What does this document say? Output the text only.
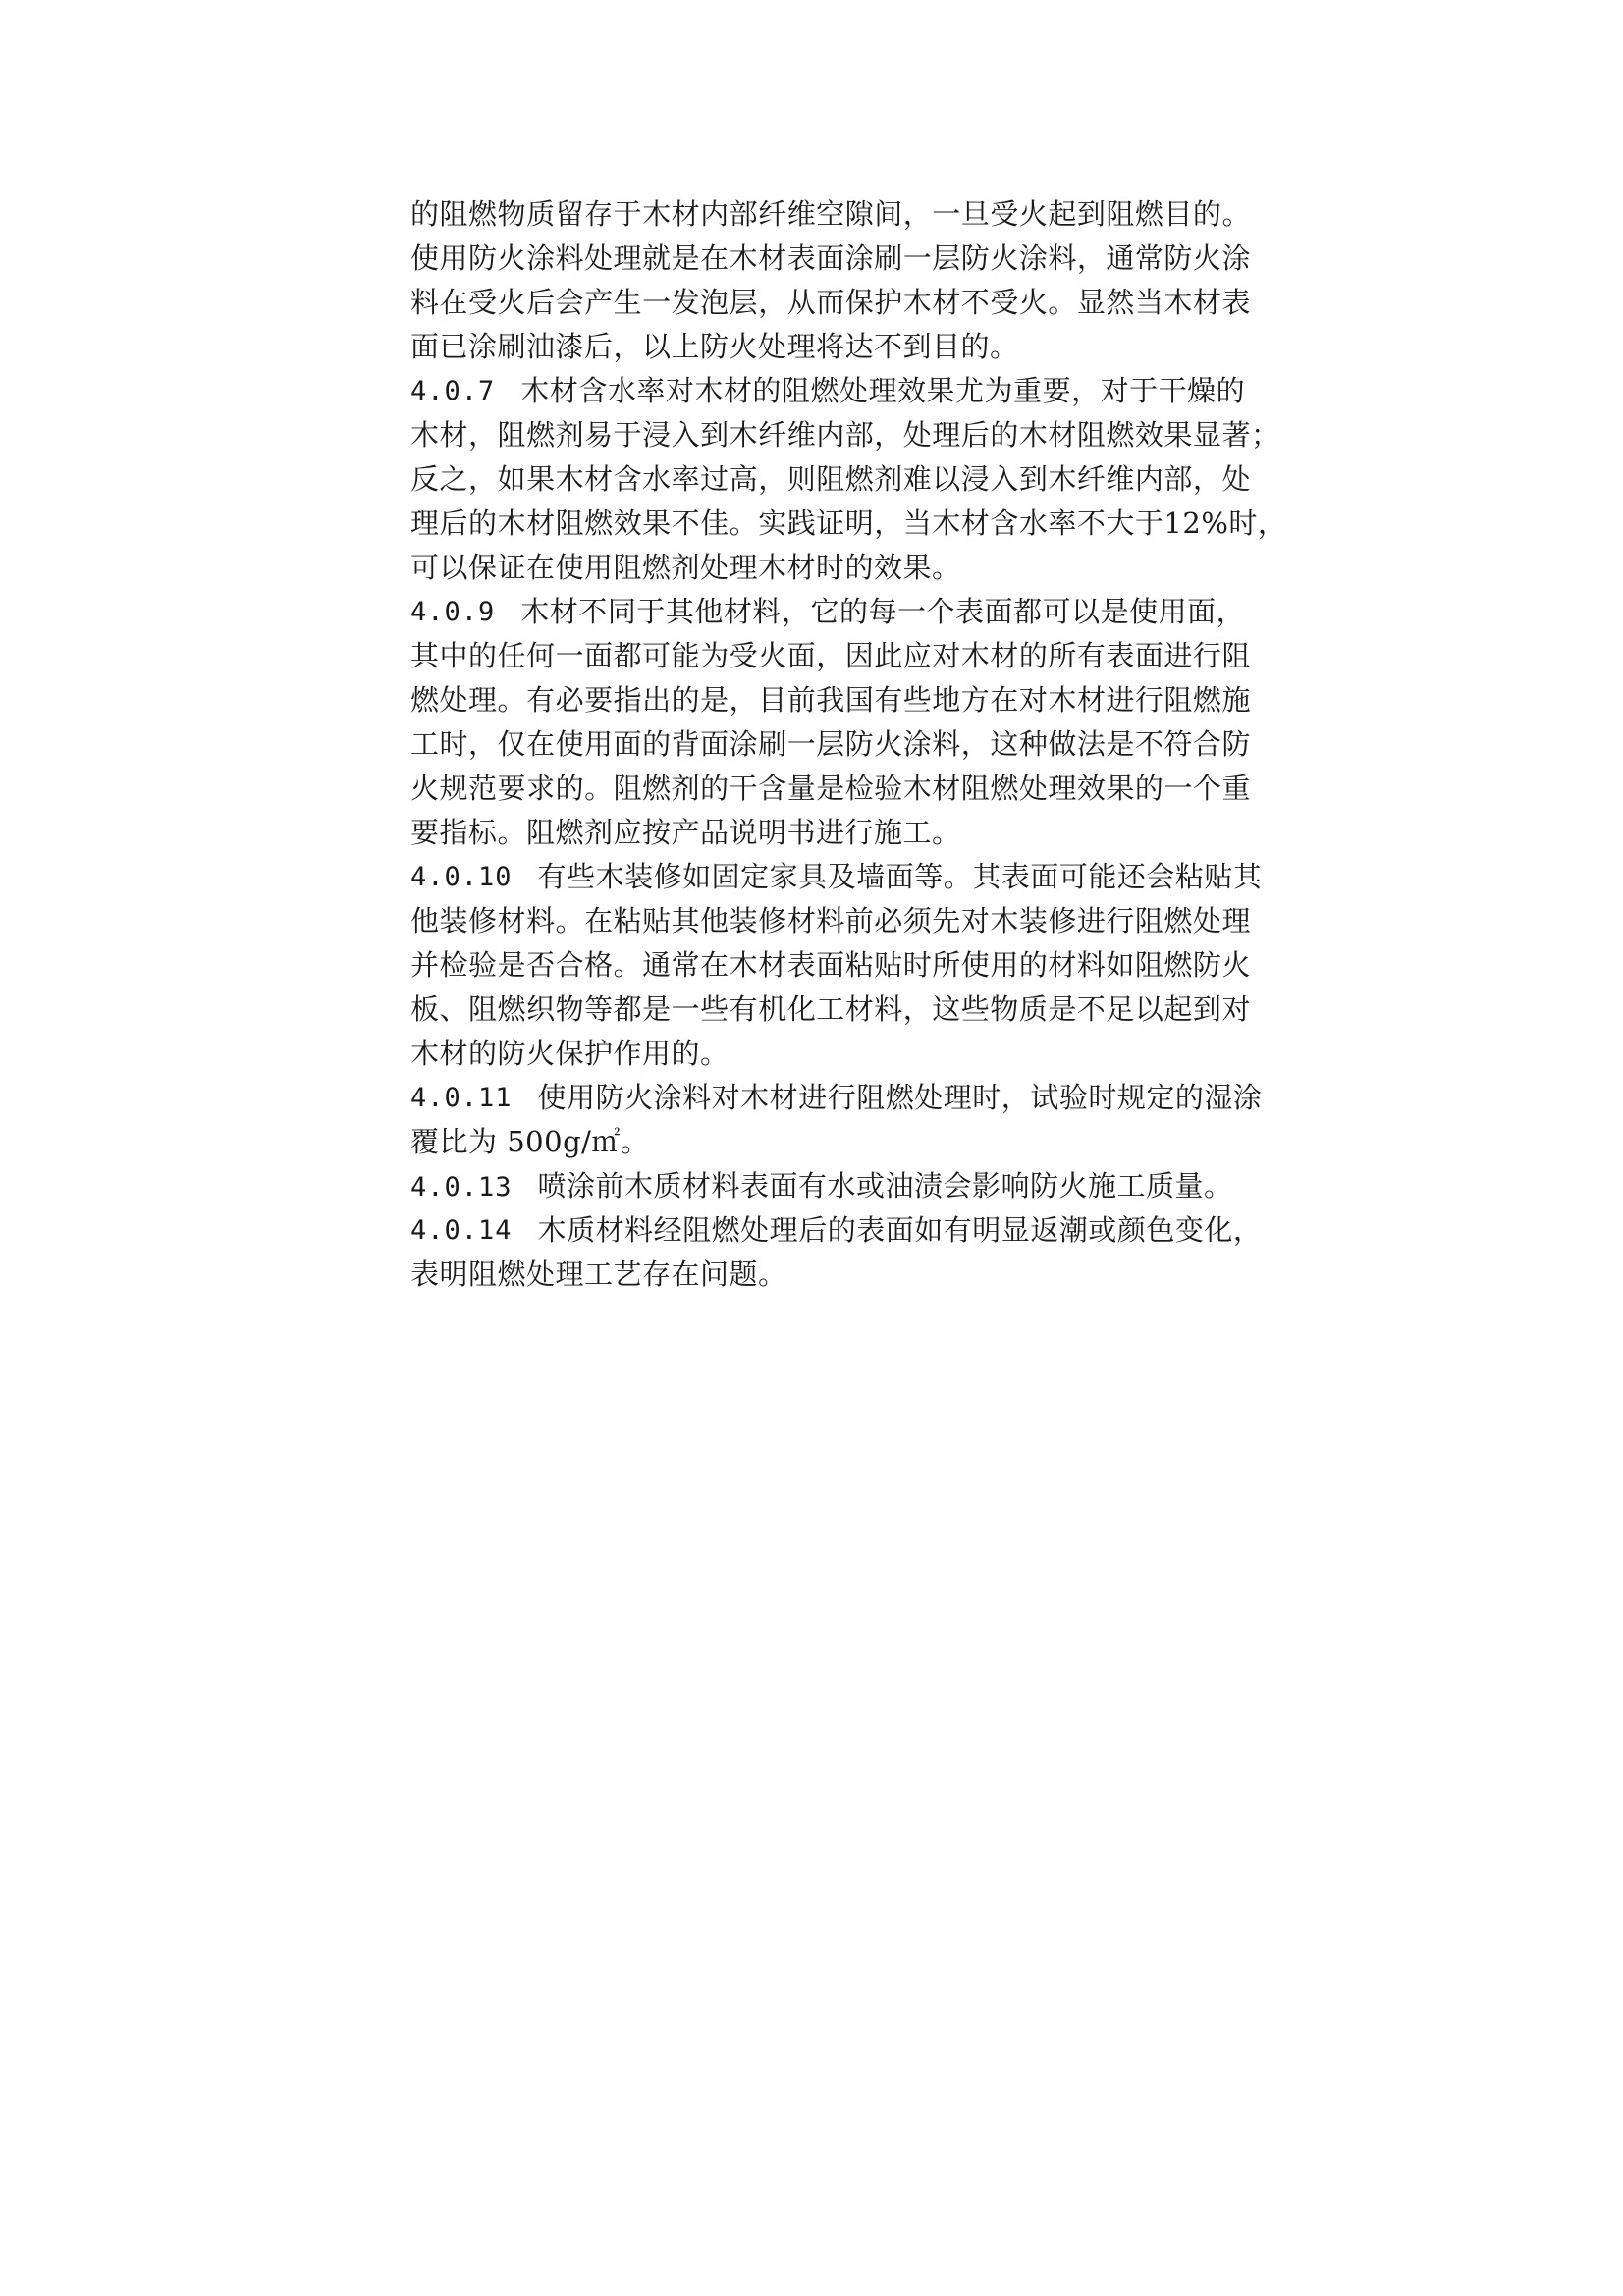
的 阻 燃 物 质 留 存 于 木 材 内 部 纤 维 空 隙 间 ， 一 旦 受 火 起 到 阻 燃 目 的 。
使 用 防 火 涂 料 处 理 就 是 在 木 材 表 面 涂 刷 一 层 防 火 涂 料 ， 通 常 防 火 涂
料 在 受 火 后 会 产 生 一 发 泡 层 ， 从 而 保 护 木 材 不 受 火 。 显 然 当 木 材 表
面已涂刷油漆后，以上防火处理将达不到目的。
4.0.7 木 材 含 水 率 对 木 材 的 阻 燃 处 理 效 果 尤 为 重 要 ， 对 于 干 燥 的
木 材 ， 阻 燃 剂 易 于 浸 入 到 木 纤 维 内 部 ， 处 理 后 的 木 材 阻 燃 效 果 显 著 ；
反 之 ， 如 果 木 材 含 水 率 过 高 ， 则 阻 燃 剂 难 以 浸 入 到 木 纤 维 内 部 ， 处
理 后 的 木 材 阻 燃 效 果 不 佳 。 实 践 证 明 ， 当 木 材 含 水 率 不 大 于 1 2 % 时 ，
可以保证在使用阻燃剂处理木材时的效果。
4.0.9 木 材 不 同 于 其 他 材 料 ， 它 的 每 一 个 表 面 都 可 以 是 使 用 面 ，
其 中 的 任 何 一 面 都 可 能 为 受 火 面 ， 因 此 应 对 木 材 的 所 有 表 面 进 行 阻
燃 处 理 。 有 必 要 指 出 的 是 ， 目 前 我 国 有 些 地 方 在 对 木 材 进 行 阻 燃 施
工 时 ， 仅 在 使 用 面 的 背 面 涂 刷 一 层 防 火 涂 料 ， 这 种 做 法 是 不 符 合 防
火 规 范 要 求 的 。 阻 燃 剂 的 干 含 量 是 检 验 木 材 阻 燃 处 理 效 果 的 一 个 重
要指标。阻燃剂应按产品说明书进行施工。
4.0.10 有 些 木 装 修 如 固 定 家 具 及 墙 面 等 。 其 表 面 可 能 还 会 粘 贴 其
他 装 修 材 料 。 在 粘 贴 其 他 装 修 材 料 前 必 须 先 对 木 装 修 进 行 阻 燃 处 理
并 检 验 是 否 合 格 。 通 常 在 木 材 表 面 粘 贴 时 所 使 用 的 材 料 如 阻 燃 防 火
板 、 阻 燃 织 物 等 都 是 一 些 有 机 化 工 材 料 ， 这 些 物 质 是 不 足 以 起 到 对
木材的防火保护作用的。
4.0.11 使 用 防 火 涂 料 对 木 材 进 行 阻 燃 处 理 时 ， 试 验 时 规 定 的 湿 涂
覆比为 500g/㎡。
4.0.13 喷涂前木质材料表面有水或油渍会影响防火施工质量。
4.0.14 木 质 材 料 经 阻 燃 处 理 后 的 表 面 如 有 明 显 返 潮 或 颜 色 变 化 ，
表明阻燃处理工艺存在问题。
